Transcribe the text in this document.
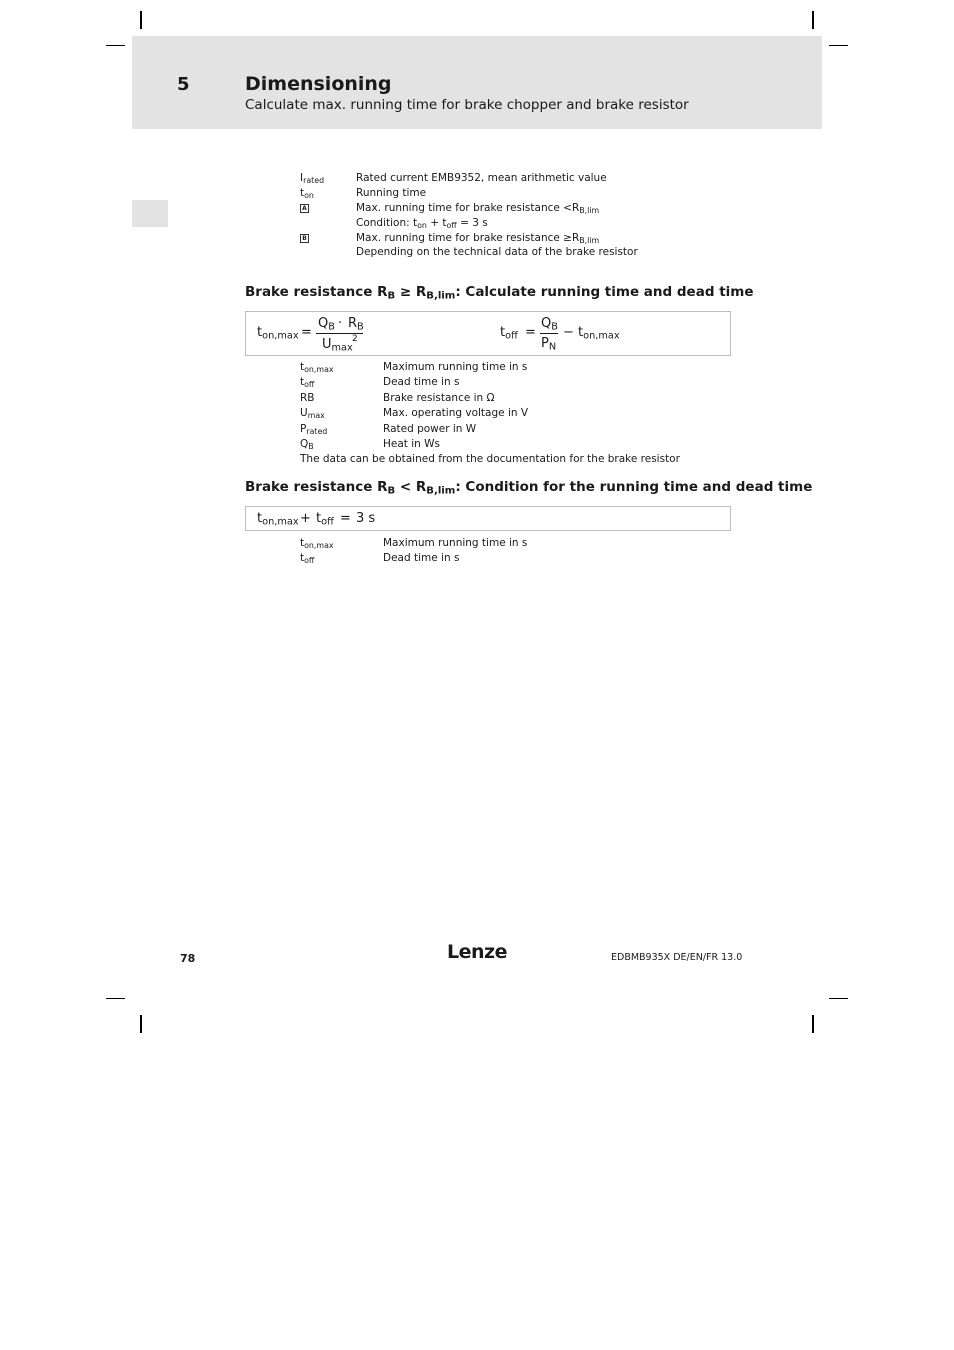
5	Dimensioning
Calculate max. running time for brake chopper and brake resistor
$I_{rated}$	Rated current EMB9352, mean arithmetic value
$t_{on}$	Running time
A	Max. running time for brake resistance $<R_{B,lim}$
Condition: $t_{on} + t_{off} = 3$ s
B	Max. running time for brake resistance $\ge R_{B,lim}$
Depending on the technical data of the brake resistor
Brake resistance $R_B \ge R_{B,lim}$: Calculate running time and dead time
$t_{on,max}$ =
$Q_B \cdot R_B$
$U_{max}$
2	$t_{off}$ =
$Q_B$
$P_N$
− $t_{on,max}$
$t_{on,max}$	Maximum running time in s
$t_{off}$	Dead time in s
RB	Brake resistance in Ω
$U_{max}$	Max. operating voltage in V
$P_{rated}$	Rated power in W
$Q_B$	Heat in Ws
The data can be obtained from the documentation for the brake resistor
Brake resistance $R_B < R_{B,lim}$: Condition for the running time and dead time
$t_{on,max} + t_{off} = 3$ s
$t_{on,max}$	Maximum running time in s
$t_{off}$	Dead time in s
78	Lenze	EDBMB935X DE/EN/FR 13.0
